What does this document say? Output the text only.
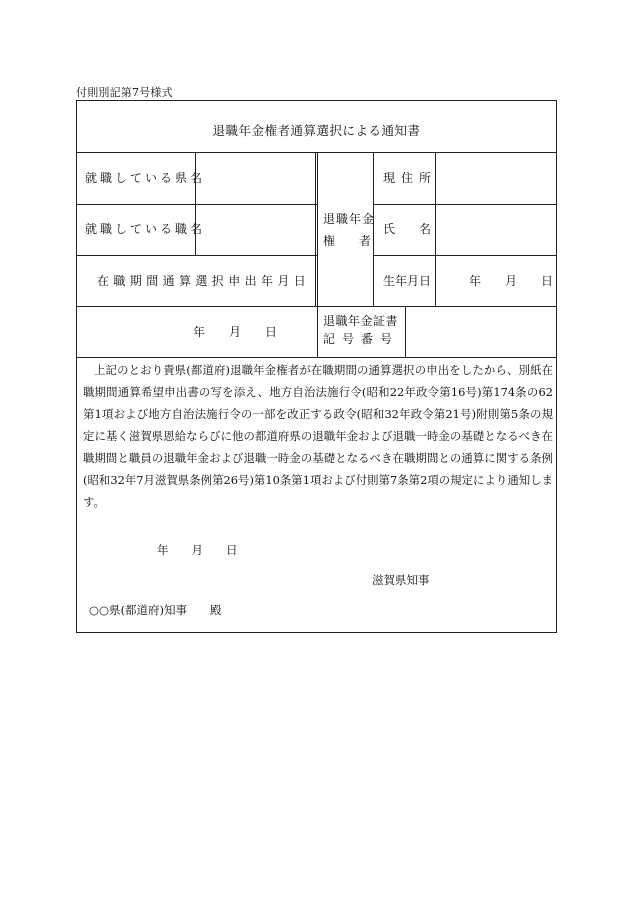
付則別記第7号様式
退職年金権者通算選択による通知書
就職している県名
就職している職名
在職期間通算選択申出年月日
退職年金
権　　者
現住所
氏　　名
生年月日	年　　月　　日
年　　月　　日
退職年金証書
記号番号
上記のとおり貴県(都道府)退職年金権者が在職期間の通算選択の申出をしたから、別紙在職期間通算希望申出書の写を添え、地方自治法施行令(昭和22年政令第16号)第174条の62第1項および地方自治法施行令の一部を改正する政令(昭和32年政令第21号)附則第5条の規定に基く滋賀県恩給ならびに他の都道府県の退職年金および退職一時金の基礎となるべき在職期間と職員の退職年金および退職一時金の基礎となるべき在職期間との通算に関する条例(昭和32年7月滋賀県条例第26号)第10条第1項および付則第7条第2項の規定により通知します。
年　　月　　日
滋賀県知事
○○県(都道府)知事　　殿
